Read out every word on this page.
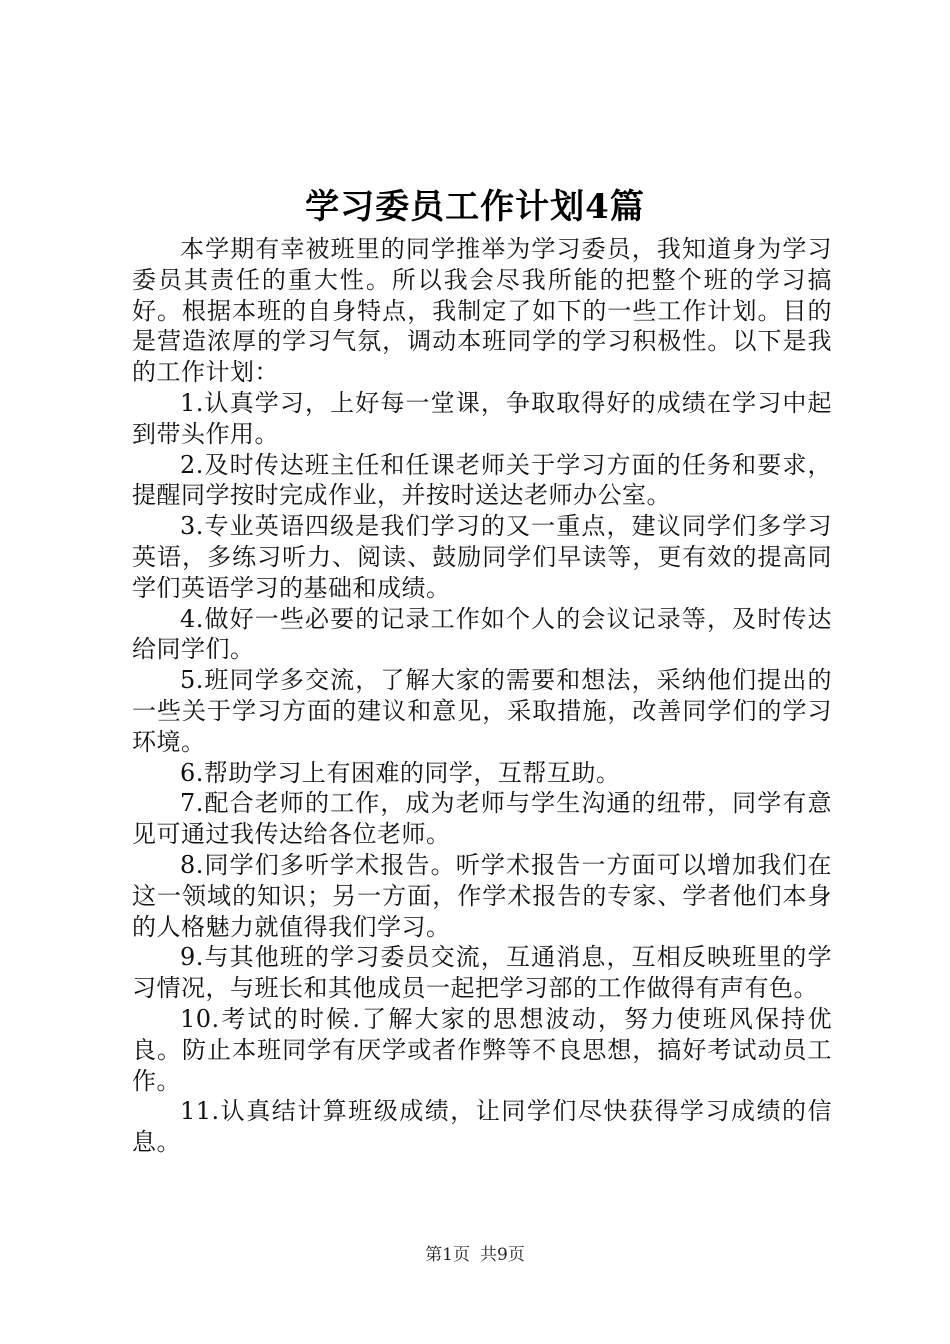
学习委员工作计划4篇

本学期有幸被班里的同学推举为学习委员，我知道身为学习委员其责任的重大性。所以我会尽我所能的把整个班的学习搞好。根据本班的自身特点，我制定了如下的一些工作计划。目的是营造浓厚的学习气氛，调动本班同学的学习积极性。以下是我的工作计划：

1.认真学习，上好每一堂课，争取取得好的成绩在学习中起到带头作用。

2.及时传达班主任和任课老师关于学习方面的任务和要求，提醒同学按时完成作业，并按时送达老师办公室。

3.专业英语四级是我们学习的又一重点，建议同学们多学习英语，多练习听力、阅读、鼓励同学们早读等，更有效的提高同学们英语学习的基础和成绩。

4.做好一些必要的记录工作如个人的会议记录等，及时传达给同学们。

5.班同学多交流，了解大家的需要和想法，采纳他们提出的一些关于学习方面的建议和意见，采取措施，改善同学们的学习环境。

6.帮助学习上有困难的同学，互帮互助。

7.配合老师的工作，成为老师与学生沟通的纽带，同学有意见可通过我传达给各位老师。

8.同学们多听学术报告。听学术报告一方面可以增加我们在这一领域的知识；另一方面，作学术报告的专家、学者他们本身的人格魅力就值得我们学习。

9.与其他班的学习委员交流，互通消息，互相反映班里的学习情况，与班长和其他成员一起把学习部的工作做得有声有色。

10.考试的时候.了解大家的思想波动，努力使班风保持优良。防止本班同学有厌学或者作弊等不良思想，搞好考试动员工作。

11.认真结计算班级成绩，让同学们尽快获得学习成绩的信息。

第1页 共9页
